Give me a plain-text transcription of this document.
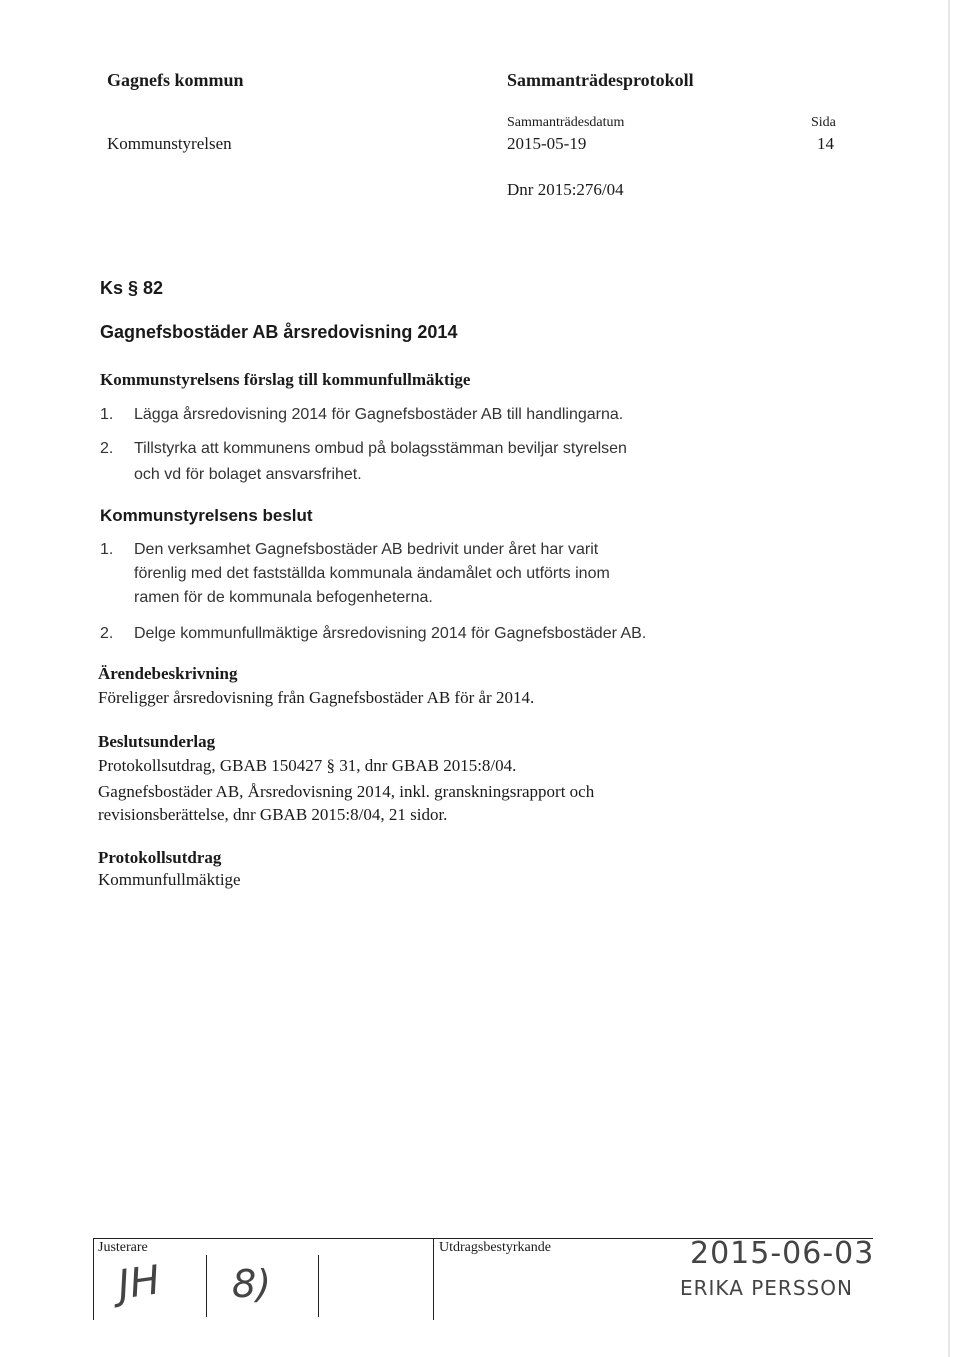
Gagnefs kommun	Sammanträdesprotokoll
Sammanträdesdatum	Sida
Kommunstyrelsen	2015-05-19	14
Dnr 2015:276/04
Ks § 82
Gagnefsbostäder AB årsredovisning 2014
Kommunstyrelsens förslag till kommunfullmäktige
1. Lägga årsredovisning 2014 för Gagnefsbostäder AB till handlingarna.
2. Tillstyrka att kommunens ombud på bolagsstämman beviljar styrelsen
och vd för bolaget ansvarsfrihet.
Kommunstyrelsens beslut
1. Den verksamhet Gagnefsbostäder AB bedrivit under året har varit
förenlig med det fastställda kommunala ändamålet och utförts inom
ramen för de kommunala befogenheterna.
2. Delge kommunfullmäktige årsredovisning 2014 för Gagnefsbostäder AB.
Ärendebeskrivning
Föreligger årsredovisning från Gagnefsbostäder AB för år 2014.
Beslutsunderlag
Protokollsutdrag, GBAB 150427 § 31, dnr GBAB 2015:8/04.
Gagnefsbostäder AB, Årsredovisning 2014, inkl. granskningsrapport och
revisionsberättelse, dnr GBAB 2015:8/04, 21 sidor.
Protokollsutdrag
Kommunfullmäktige
Justerare	Utdragsbestyrkande
JH 8)
2015-06-03
ERIKA PERSSON
